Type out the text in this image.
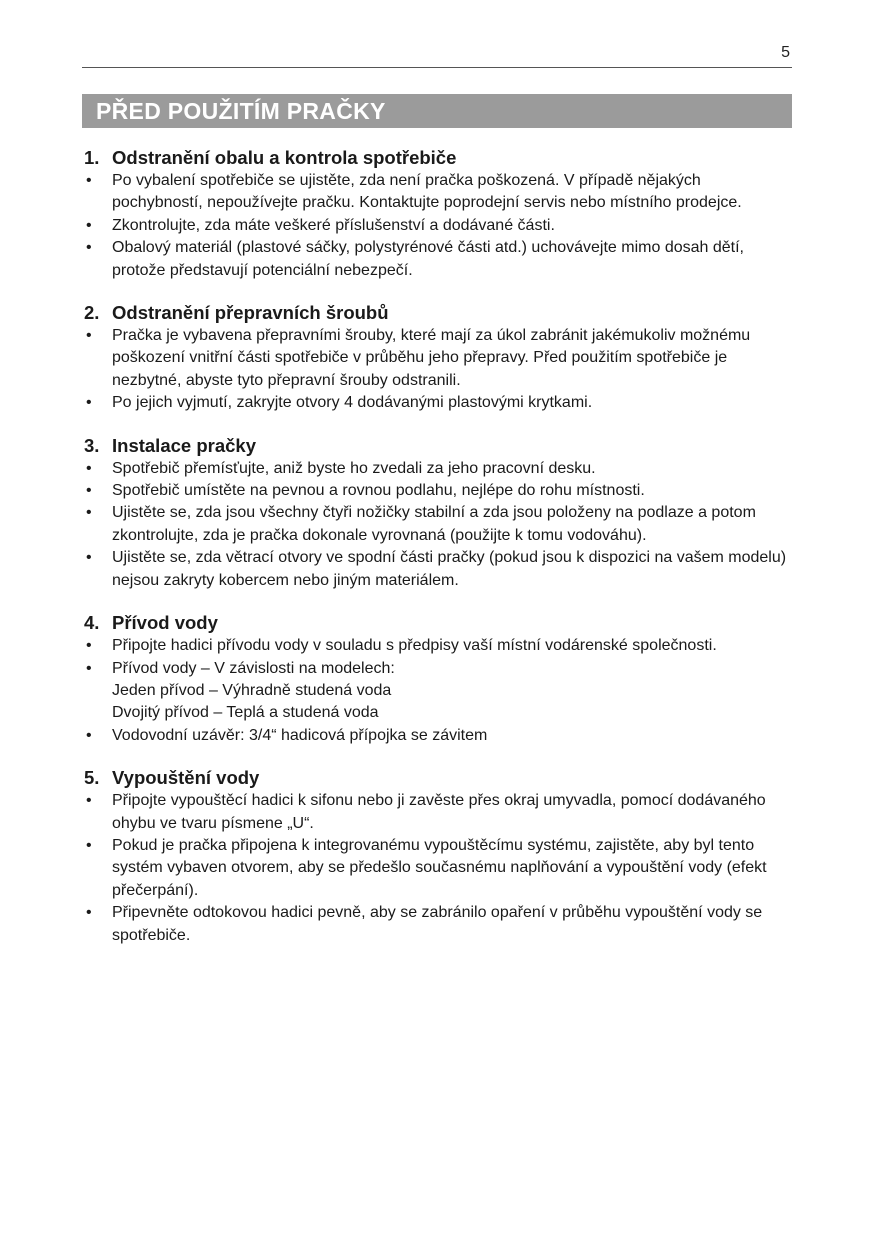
5
PŘED POUŽITÍM PRAČKY
1. Odstranění obalu a kontrola spotřebiče
• Po vybalení spotřebiče se ujistěte, zda není pračka poškozená. V případě nějakých pochybností, nepoužívejte pračku. Kontaktujte poprodejní servis nebo místního prodejce.
• Zkontrolujte, zda máte veškeré příslušenství a dodávané části.
• Obalový materiál (plastové sáčky, polystyrénové části atd.) uchovávejte mimo dosah dětí, protože představují potenciální nebezpečí.
2. Odstranění přepravních šroubů
• Pračka je vybavena přepravními šrouby, které mají za úkol zabránit jakémukoliv možnému poškození vnitřní části spotřebiče v průběhu jeho přepravy. Před použitím spotřebiče je nezbytné, abyste tyto přepravní šrouby odstranili.
• Po jejich vyjmutí, zakryjte otvory 4 dodávanými plastovými krytkami.
3. Instalace pračky
• Spotřebič přemísťujte, aniž byste ho zvedali za jeho pracovní desku.
• Spotřebič umístěte na pevnou a rovnou podlahu, nejlépe do rohu místnosti.
• Ujistěte se, zda jsou všechny čtyři nožičky stabilní a zda jsou položeny na podlaze a potom zkontrolujte, zda je pračka dokonale vyrovnaná (použijte k tomu vodováhu).
• Ujistěte se, zda větrací otvory ve spodní části pračky (pokud jsou k dispozici na vašem modelu) nejsou zakryty kobercem nebo jiným materiálem.
4. Přívod vody
• Připojte hadici přívodu vody v souladu s předpisy vaší místní vodárenské společnosti.
• Přívod vody – V závislosti na modelech:
Jeden přívod – Výhradně studená voda
Dvojitý přívod – Teplá a studená voda
• Vodovodní uzávěr: 3/4“ hadicová přípojka se závitem
5. Vypouštění vody
• Připojte vypouštěcí hadici k sifonu nebo ji zavěste přes okraj umyvadla, pomocí dodávaného ohybu ve tvaru písmene „U“.
• Pokud je pračka připojena k integrovanému vypouštěcímu systému, zajistěte, aby byl tento systém vybaven otvorem, aby se předešlo současnému naplňování a vypouštění vody (efekt přečerpání).
• Připevněte odtokovou hadici pevně, aby se zabránilo opaření v průběhu vypouštění vody se spotřebiče.
